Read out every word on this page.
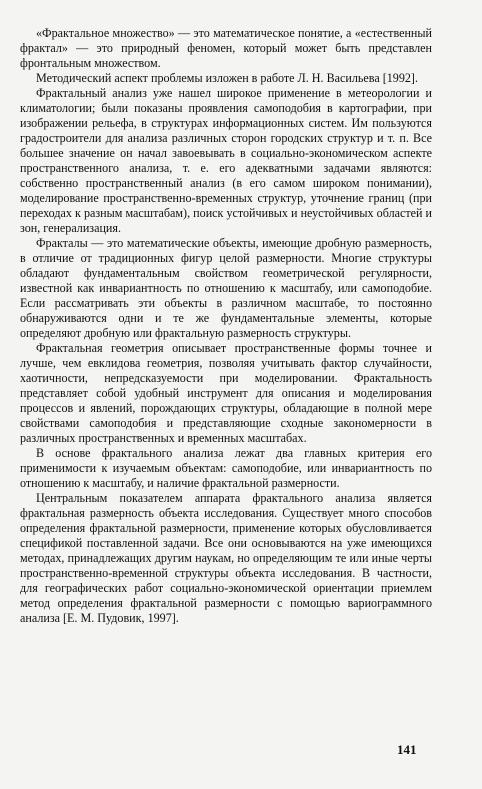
«Фрактальное множество» — это математическое понятие, а «естественный фрактал» — это природный феномен, который может быть представлен фронтальным множеством.

Методический аспект проблемы изложен в работе Л. Н. Васильева [1992].

Фрактальный анализ уже нашел широкое применение в метеорологии и климатологии; были показаны проявления самоподобия в картографии, при изображении рельефа, в структурах информационных систем. Им пользуются градостроители для анализа различных сторон городских структур и т. п. Все большее значение он начал завоевывать в социально-экономическом аспекте пространственного анализа, т. е. его адекватными задачами являются: собственно пространственный анализ (в его самом широком понимании), моделирование пространственно-временных структур, уточнение границ (при переходах к разным масштабам), поиск устойчивых и неустойчивых областей и зон, генерализация.

Фракталы — это математические объекты, имеющие дробную размерность, в отличие от традиционных фигур целой размерности. Многие структуры обладают фундаментальным свойством геометрической регулярности, известной как инвариантность по отношению к масштабу, или самоподобие. Если рассматривать эти объекты в различном масштабе, то постоянно обнаруживаются одни и те же фундаментальные элементы, которые определяют дробную или фрактальную размерность структуры.

Фрактальная геометрия описывает пространственные формы точнее и лучше, чем евклидова геометрия, позволяя учитывать фактор случайности, хаотичности, непредсказуемости при моделировании. Фрактальность представляет собой удобный инструмент для описания и моделирования процессов и явлений, порождающих структуры, обладающие в полной мере свойствами самоподобия и представляющие сходные закономерности в различных пространственных и временных масштабах.

В основе фрактального анализа лежат два главных критерия его применимости к изучаемым объектам: самоподобие, или инвариантность по отношению к масштабу, и наличие фрактальной размерности.

Центральным показателем аппарата фрактального анализа является фрактальная размерность объекта исследования. Существует много способов определения фрактальной размерности, применение которых обусловливается спецификой поставленной задачи. Все они основываются на уже имеющихся методах, принадлежащих другим наукам, но определяющим те или иные черты пространственно-временной структуры объекта исследования. В частности, для географических работ социально-экономической ориентации приемлем метод определения фрактальной размерности с помощью вариограммного анализа [Е. М. Пудовик, 1997].

141
